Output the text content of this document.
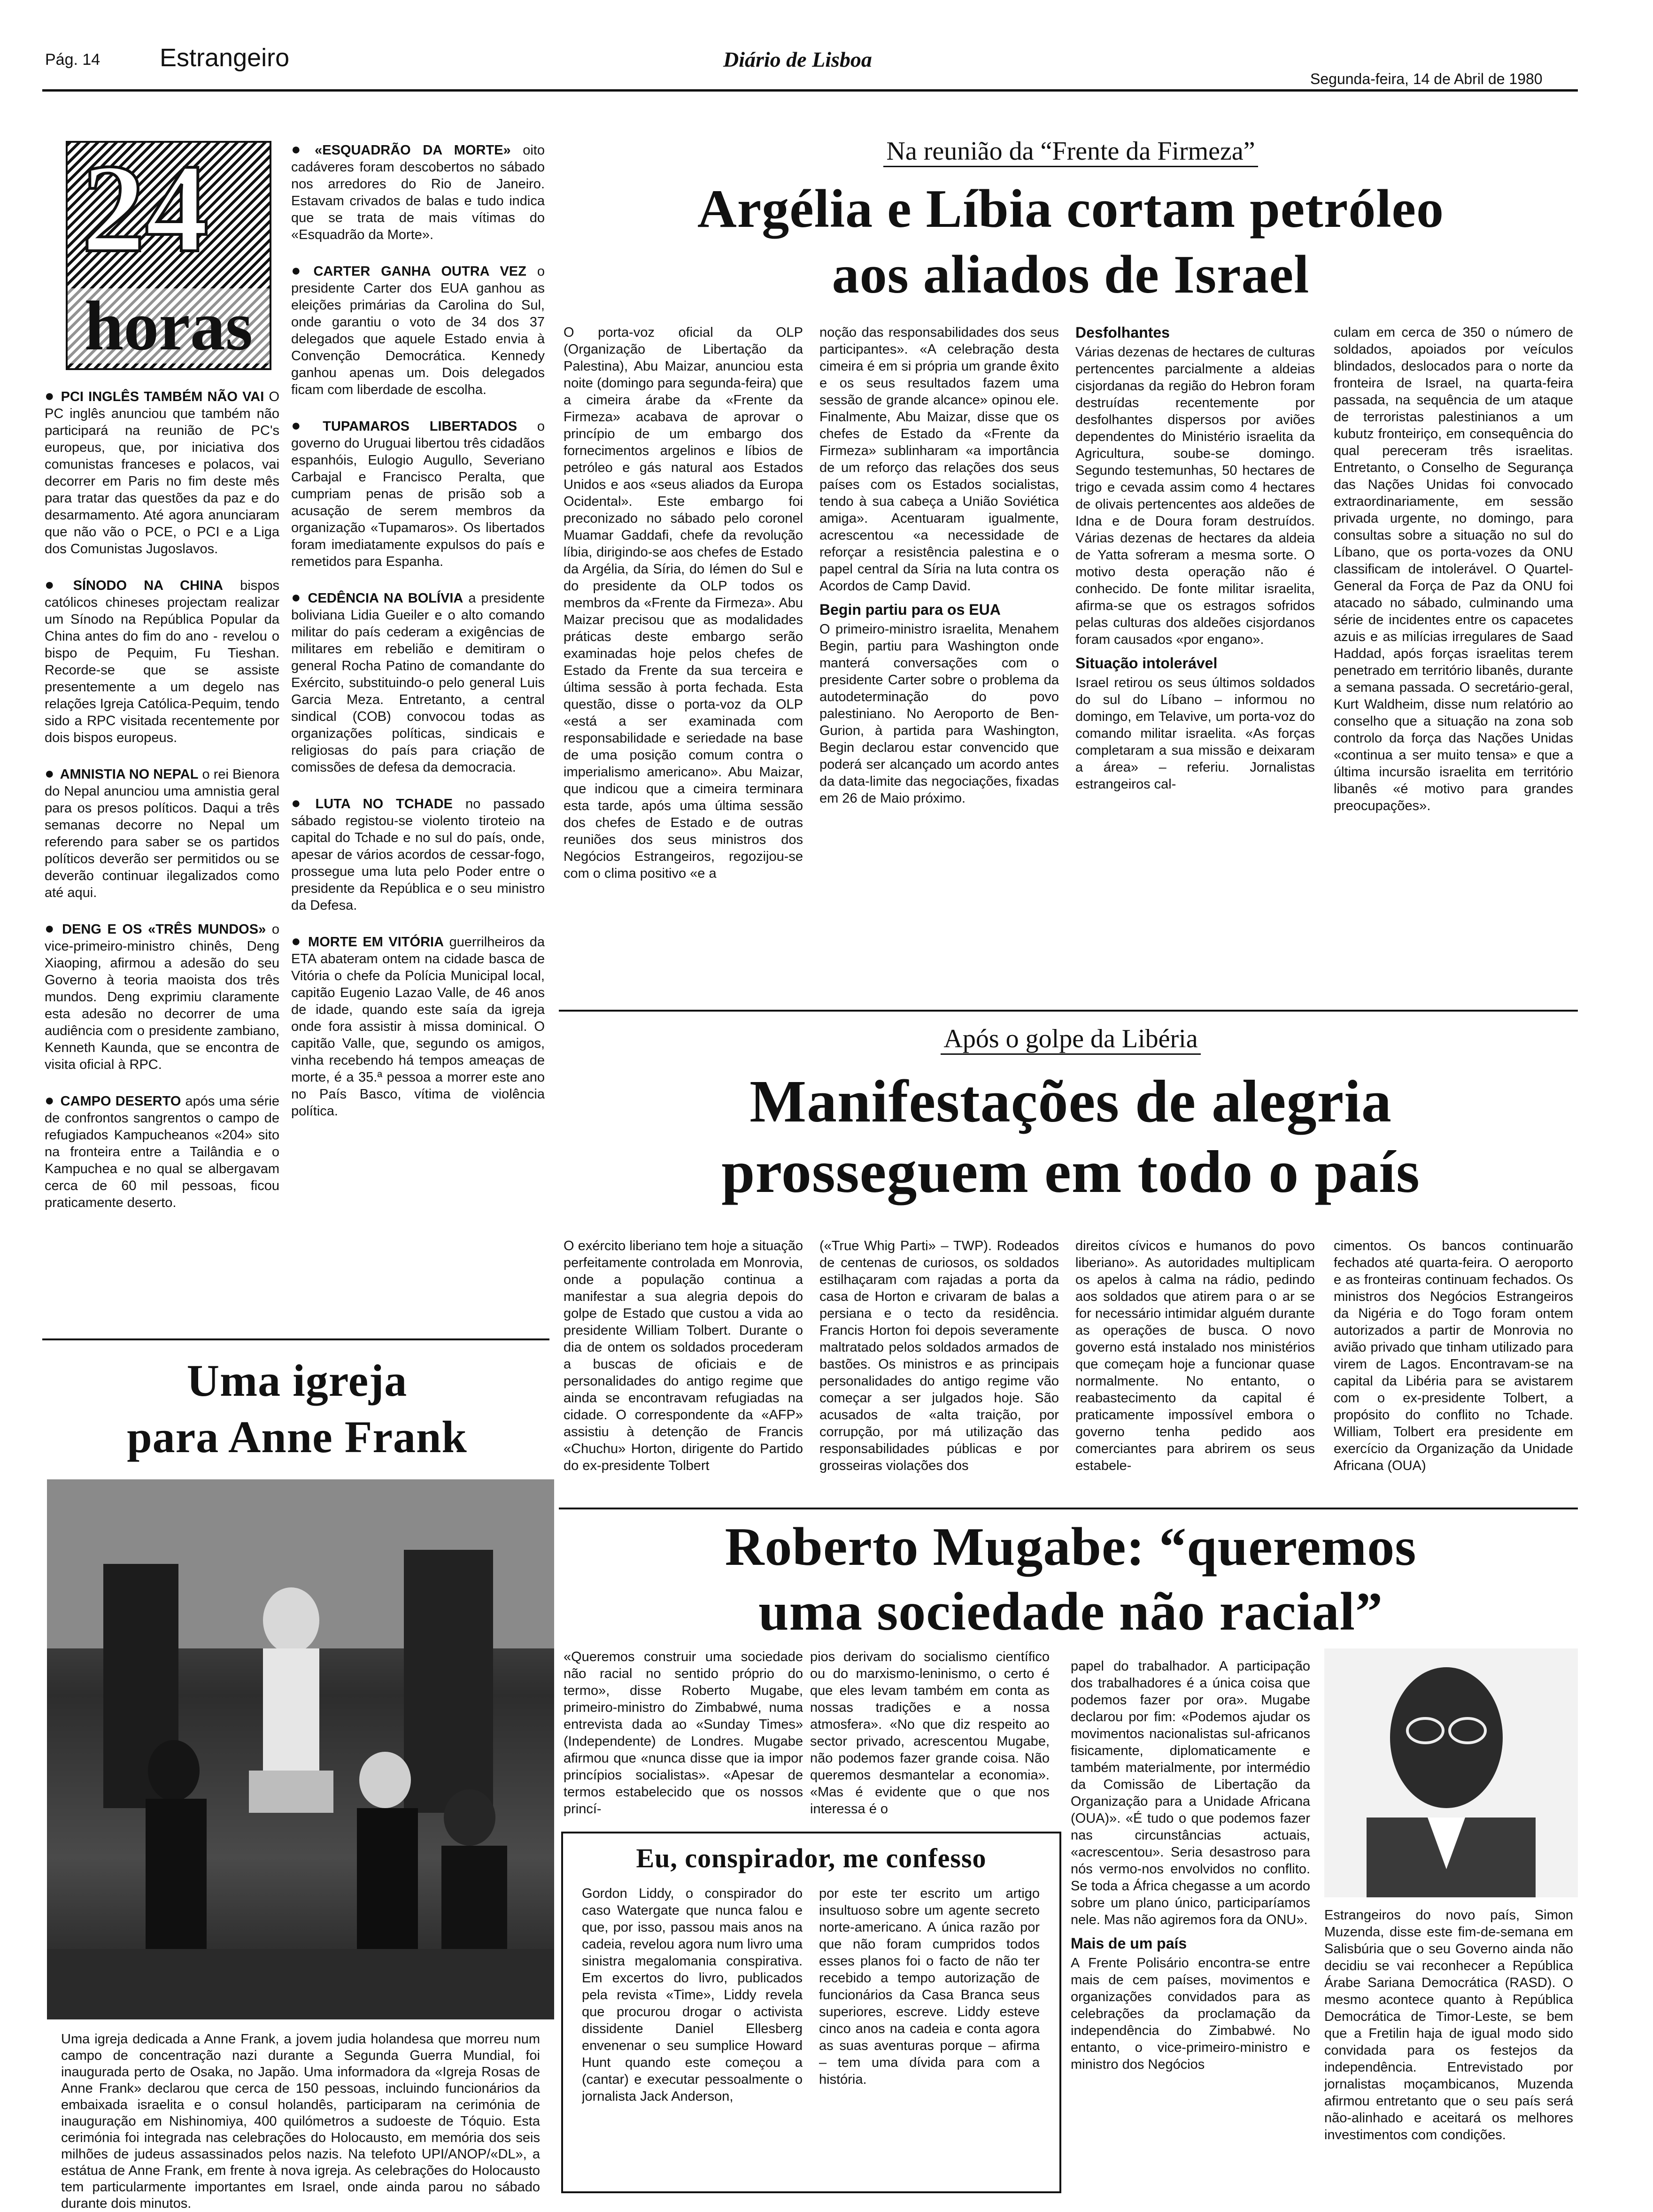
Pág. 14 Estrangeiro	Diário de Lisboa
Segunda-feira, 14 de Abril de 1980
24
horas
● PCI INGLÊS TAMBÉM NÃO VAI O PC inglês anunciou que também não participará na reunião de PC's europeus, que, por iniciativa dos comunistas franceses e polacos, vai decorrer em Paris no fim deste mês para tratar das questões da paz e do desarmamento. Até agora anunciaram que não vão o PCE, o PCI e a Liga dos Comunistas Jugoslavos.
● SÍNODO NA CHINA bispos católicos chineses projectam realizar um Sínodo na República Popular da China antes do fim do ano - revelou o bispo de Pequim, Fu Tieshan. Recorde-se que se assiste presentemente a um degelo nas relações Igreja Católica-Pequim, tendo sido a RPC visitada recentemente por dois bispos europeus.
● AMNISTIA NO NEPAL o rei Bienora do Nepal anunciou uma amnistia geral para os presos políticos. Daqui a três semanas decorre no Nepal um referendo para saber se os partidos políticos deverão ser permitidos ou se deverão continuar ilegalizados como até aqui.
● DENG E OS «TRÊS MUNDOS» o vice-primeiro-ministro chinês, Deng Xiaoping, afirmou a adesão do seu Governo à teoria maoista dos três mundos. Deng exprimiu claramente esta adesão no decorrer de uma audiência com o presidente zambiano, Kenneth Kaunda, que se encontra de visita oficial à RPC.
● CAMPO DESERTO após uma série de confrontos sangrentos o campo de refugiados Kampucheanos «204» sito na fronteira entre a Tailândia e o Kampuchea e no qual se albergavam cerca de 60 mil pessoas, ficou praticamente deserto.
● «ESQUADRÃO DA MORTE» oito cadáveres foram descobertos no sábado nos arredores do Rio de Janeiro. Estavam crivados de balas e tudo indica que se trata de mais vítimas do «Esquadrão da Morte».
● CARTER GANHA OUTRA VEZ o presidente Carter dos EUA ganhou as eleições primárias da Carolina do Sul, onde garantiu o voto de 34 dos 37 delegados que aquele Estado envia à Convenção Democrática. Kennedy ganhou apenas um. Dois delegados ficam com liberdade de escolha.
● TUPAMAROS LIBERTADOS o governo do Uruguai libertou três cidadãos espanhóis, Eulogio Augullo, Severiano Carbajal e Francisco Peralta, que cumpriam penas de prisão sob a acusação de serem membros da organização «Tupamaros». Os libertados foram imediatamente expulsos do país e remetidos para Espanha.
● CEDÊNCIA NA BOLÍVIA a presidente boliviana Lidia Gueiler e o alto comando militar do país cederam a exigências de militares em rebelião e demitiram o general Rocha Patino de comandante do Exército, substituindo-o pelo general Luis Garcia Meza. Entretanto, a central sindical (COB) convocou todas as organizações políticas, sindicais e religiosas do país para criação de comissões de defesa da democracia.
● LUTA NO TCHADE no passado sábado registou-se violento tiroteio na capital do Tchade e no sul do país, onde, apesar de vários acordos de cessar-fogo, prossegue uma luta pelo Poder entre o presidente da República e o seu ministro da Defesa.
● MORTE EM VITÓRIA guerrilheiros da ETA abateram ontem na cidade basca de Vitória o chefe da Polícia Municipal local, capitão Eugenio Lazao Valle, de 46 anos de idade, quando este saía da igreja onde fora assistir à missa dominical. O capitão Valle, que, segundo os amigos, vinha recebendo há tempos ameaças de morte, é a 35.ª pessoa a morrer este ano no País Basco, vítima de violência política.
Na reunião da “Frente da Firmeza”
Argélia e Líbia cortam petróleo
aos aliados de Israel
O porta-voz oficial da OLP (Organização de Libertação da Palestina), Abu Maizar, anunciou esta noite (domingo para segunda-feira) que a cimeira árabe da «Frente da Firmeza» acabava de aprovar o princípio de um embargo dos fornecimentos argelinos e líbios de petróleo e gás natural aos Estados Unidos e aos «seus aliados da Europa Ocidental». Este embargo foi preconizado no sábado pelo coronel Muamar Gaddafi, chefe da revolução líbia, dirigindo-se aos chefes de Estado da Argélia, da Síria, do Iémen do Sul e do presidente da OLP todos os membros da «Frente da Firmeza». Abu Maizar precisou que as modalidades práticas deste embargo serão examinadas hoje pelos chefes de Estado da Frente da sua terceira e última sessão à porta fechada. Esta questão, disse o porta-voz da OLP «está a ser examinada com responsabilidade e seriedade na base de uma posição comum contra o imperialismo americano». Abu Maizar, que indicou que a cimeira terminara esta tarde, após uma última sessão dos chefes de Estado e de outras reuniões dos seus ministros dos Negócios Estrangeiros, regozijou-se com o clima positivo «e a
noção das responsabilidades dos seus participantes». «A celebração desta cimeira é em si própria um grande êxito e os seus resultados fazem uma sessão de grande alcance» opinou ele. Finalmente, Abu Maizar, disse que os chefes de Estado da «Frente da Firmeza» sublinharam «a importância de um reforço das relações dos seus países com os Estados socialistas, tendo à sua cabeça a União Soviética amiga». Acentuaram igualmente, acrescentou «a necessidade de reforçar a resistência palestina e o papel central da Síria na luta contra os Acordos de Camp David.
Begin partiu para os EUA
O primeiro-ministro israelita, Menahem Begin, partiu para Washington onde manterá conversações com o presidente Carter sobre o problema da autodeterminação do povo palestiniano. No Aeroporto de Ben-Gurion, à partida para Washington, Begin declarou estar convencido que poderá ser alcançado um acordo antes da data-limite das negociações, fixadas em 26 de Maio próximo.
Desfolhantes
Várias dezenas de hectares de culturas pertencentes parcialmente a aldeias cisjordanas da região do Hebron foram destruídas recentemente por desfolhantes dispersos por aviões dependentes do Ministério israelita da Agricultura, soube-se domingo. Segundo testemunhas, 50 hectares de trigo e cevada assim como 4 hectares de olivais pertencentes aos aldeões de Idna e de Doura foram destruídos. Várias dezenas de hectares da aldeia de Yatta sofreram a mesma sorte. O motivo desta operação não é conhecido. De fonte militar israelita, afirma-se que os estragos sofridos pelas culturas dos aldeões cisjordanos foram causados «por engano».
Situação intolerável
Israel retirou os seus últimos soldados do sul do Líbano – informou no domingo, em Telavive, um porta-voz do comando militar israelita. «As forças completaram a sua missão e deixaram a área» – referiu. Jornalistas estrangeiros cal-
culam em cerca de 350 o número de soldados, apoiados por veículos blindados, deslocados para o norte da fronteira de Israel, na quarta-feira passada, na sequência de um ataque de terroristas palestinianos a um kubutz fronteiriço, em consequência do qual pereceram três israelitas. Entretanto, o Conselho de Segurança das Nações Unidas foi convocado extraordinariamente, em sessão privada urgente, no domingo, para consultas sobre a situação no sul do Líbano, que os porta-vozes da ONU classificam de intolerável. O Quartel-General da Força de Paz da ONU foi atacado no sábado, culminando uma série de incidentes entre os capacetes azuis e as milícias irregulares de Saad Haddad, após forças israelitas terem penetrado em território libanês, durante a semana passada. O secretário-geral, Kurt Waldheim, disse num relatório ao conselho que a situação na zona sob controlo da força das Nações Unidas «continua a ser muito tensa» e que a última incursão israelita em território libanês «é motivo para grandes preocupações».
Após o golpe da Libéria
Manifestações de alegria
prosseguem em todo o país
O exército liberiano tem hoje a situação perfeitamente controlada em Monrovia, onde a população continua a manifestar a sua alegria depois do golpe de Estado que custou a vida ao presidente William Tolbert. Durante o dia de ontem os soldados procederam a buscas de oficiais e de personalidades do antigo regime que ainda se encontravam refugiadas na cidade. O correspondente da «AFP» assistiu à detenção de Francis «Chuchu» Horton, dirigente do Partido do ex-presidente Tolbert
(«True Whig Parti» – TWP). Rodeados de centenas de curiosos, os soldados estilhaçaram com rajadas a porta da casa de Horton e crivaram de balas a persiana e o tecto da residência. Francis Horton foi depois severamente maltratado pelos soldados armados de bastões. Os ministros e as principais personalidades do antigo regime vão começar a ser julgados hoje. São acusados de «alta traição, por corrupção, por má utilização das responsabilidades públicas e por grosseiras violações dos
direitos cívicos e humanos do povo liberiano». As autoridades multiplicam os apelos à calma na rádio, pedindo aos soldados que atirem para o ar se for necessário intimidar alguém durante as operações de busca. O novo governo está instalado nos ministérios que começam hoje a funcionar quase normalmente. No entanto, o reabastecimento da capital é praticamente impossível embora o governo tenha pedido aos comerciantes para abrirem os seus estabele-
cimentos. Os bancos continuarão fechados até quarta-feira. O aeroporto e as fronteiras continuam fechados. Os ministros dos Negócios Estrangeiros da Nigéria e do Togo foram ontem autorizados a partir de Monrovia no avião privado que tinham utilizado para virem de Lagos. Encontravam-se na capital da Libéria para se avistarem com o ex-presidente Tolbert, a propósito do conflito no Tchade. William, Tolbert era presidente em exercício da Organização da Unidade Africana (OUA)
Uma igreja
para Anne Frank
Uma igreja dedicada a Anne Frank, a jovem judia holandesa que morreu num campo de concentração nazi durante a Segunda Guerra Mundial, foi inaugurada perto de Osaka, no Japão. Uma informadora da «Igreja Rosas de Anne Frank» declarou que cerca de 150 pessoas, incluindo funcionários da embaixada israelita e o consul holandês, participaram na cerimónia de inauguração em Nishinomiya, 400 quilómetros a sudoeste de Tóquio. Esta cerimónia foi integrada nas celebrações do Holocausto, em memória dos seis milhões de judeus assassinados pelos nazis. Na telefoto UPI/ANOP/«DL», a estátua de Anne Frank, em frente à nova igreja. As celebrações do Holocausto tem particularmente importantes em Israel, onde ainda parou no sábado durante dois minutos.
Roberto Mugabe: “queremos
uma sociedade não racial”
«Queremos construir uma sociedade não racial no sentido próprio do termo», disse Roberto Mugabe, primeiro-ministro do Zimbabwé, numa entrevista dada ao «Sunday Times» (Independente) de Londres. Mugabe afirmou que «nunca disse que ia impor princípios socialistas». «Apesar de termos estabelecido que os nossos princí-
pios derivam do socialismo científico ou do marxismo-leninismo, o certo é que eles levam também em conta as nossas tradições e a nossa atmosfera». «No que diz respeito ao sector privado, acrescentou Mugabe, não podemos fazer grande coisa. Não queremos desmantelar a economia». «Mas é evidente que o que nos interessa é o
papel do trabalhador. A participação dos trabalhadores é a única coisa que podemos fazer por ora». Mugabe declarou por fim: «Podemos ajudar os movimentos nacionalistas sul-africanos fisicamente, diplomaticamente e também materialmente, por intermédio da Comissão de Libertação da Organização para a Unidade Africana (OUA)». «É tudo o que podemos fazer nas circunstâncias actuais, «acrescentou». Seria desastroso para nós vermo-nos envolvidos no conflito. Se toda a África chegasse a um acordo sobre um plano único, participaríamos nele. Mas não agiremos fora da ONU».
Mais de um país
A Frente Polisário encontra-se entre mais de cem países, movimentos e organizações convidados para as celebrações da proclamação da independência do Zimbabwé. No entanto, o vice-primeiro-ministro e ministro dos Negócios
Estrangeiros do novo país, Simon Muzenda, disse este fim-de-semana em Salisbúria que o seu Governo ainda não decidiu se vai reconhecer a República Árabe Sariana Democrática (RASD). O mesmo acontece quanto à República Democrática de Timor-Leste, se bem que a Fretilin haja de igual modo sido convidada para os festejos da independência. Entrevistado por jornalistas moçambicanos, Muzenda afirmou entretanto que o seu país será não-alinhado e aceitará os melhores investimentos com condições.
Eu, conspirador, me confesso
Gordon Liddy, o conspirador do caso Watergate que nunca falou e que, por isso, passou mais anos na cadeia, revelou agora num livro uma sinistra megalomania conspirativa. Em excertos do livro, publicados pela revista «Time», Liddy revela que procurou drogar o activista dissidente Daniel Ellesberg envenenar o seu sumplice Howard Hunt quando este começou a (cantar) e executar pessoalmente o jornalista Jack Anderson,
por este ter escrito um artigo insultuoso sobre um agente secreto norte-americano. A única razão por que não foram cumpridos todos esses planos foi o facto de não ter recebido a tempo autorização de funcionários da Casa Branca seus superiores, escreve. Liddy esteve cinco anos na cadeia e conta agora as suas aventuras porque – afirma – tem uma dívida para com a história.
